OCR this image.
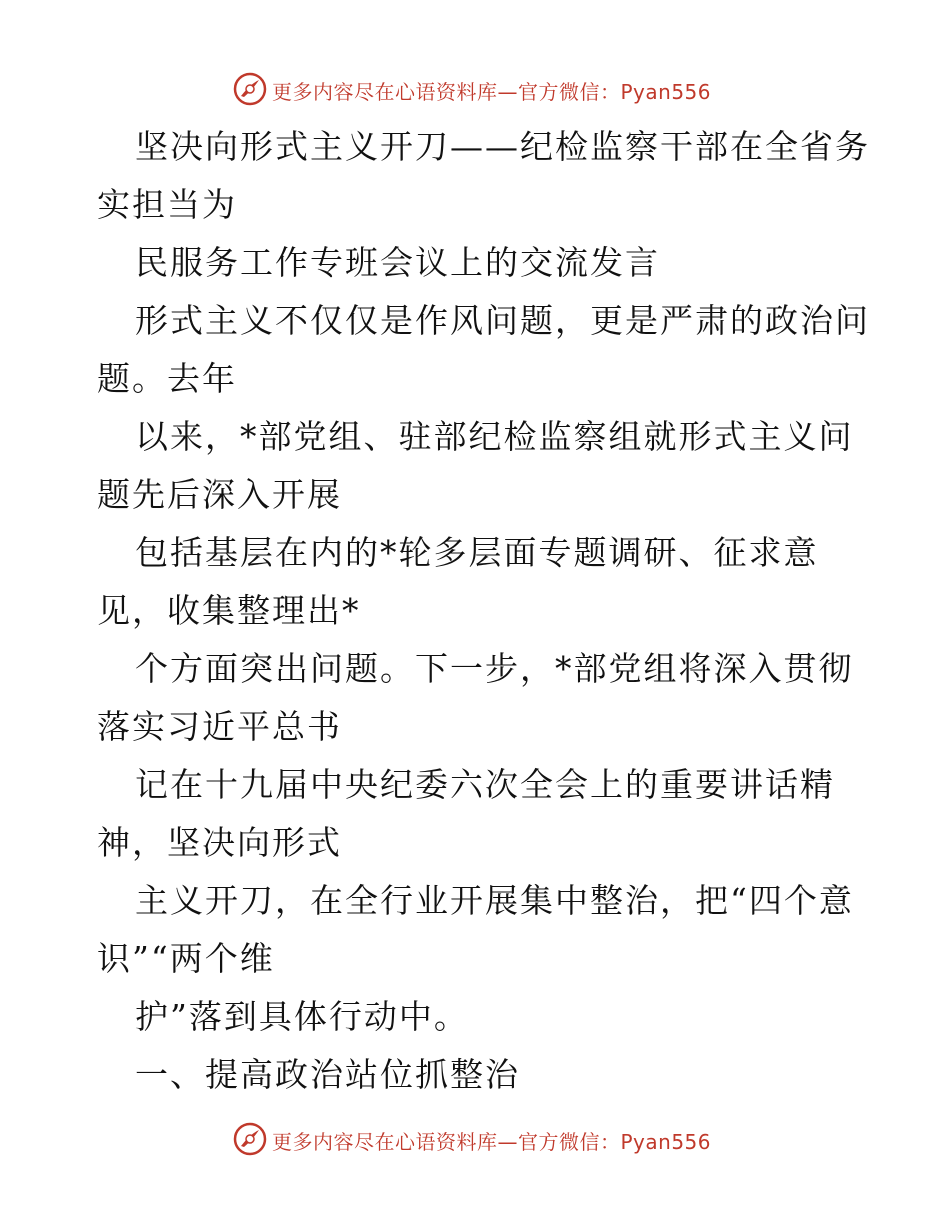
更多内容尽在心语资料库—官方微信：Pyan556
坚决向形式主义开刀——纪检监察干部在全省务
实担当为
民服务工作专班会议上的交流发言
形式主义不仅仅是作风问题，更是严肃的政治问
题。去年
以来，*部党组、驻部纪检监察组就形式主义问
题先后深入开展
包括基层在内的*轮多层面专题调研、征求意
见，收集整理出*
个方面突出问题。下一步，*部党组将深入贯彻
落实习近平总书
记在十九届中央纪委六次全会上的重要讲话精
神，坚决向形式
主义开刀，在全行业开展集中整治，把“四个意
识”“两个维
护”落到具体行动中。
一、提高政治站位抓整治
更多内容尽在心语资料库—官方微信：Pyan556
